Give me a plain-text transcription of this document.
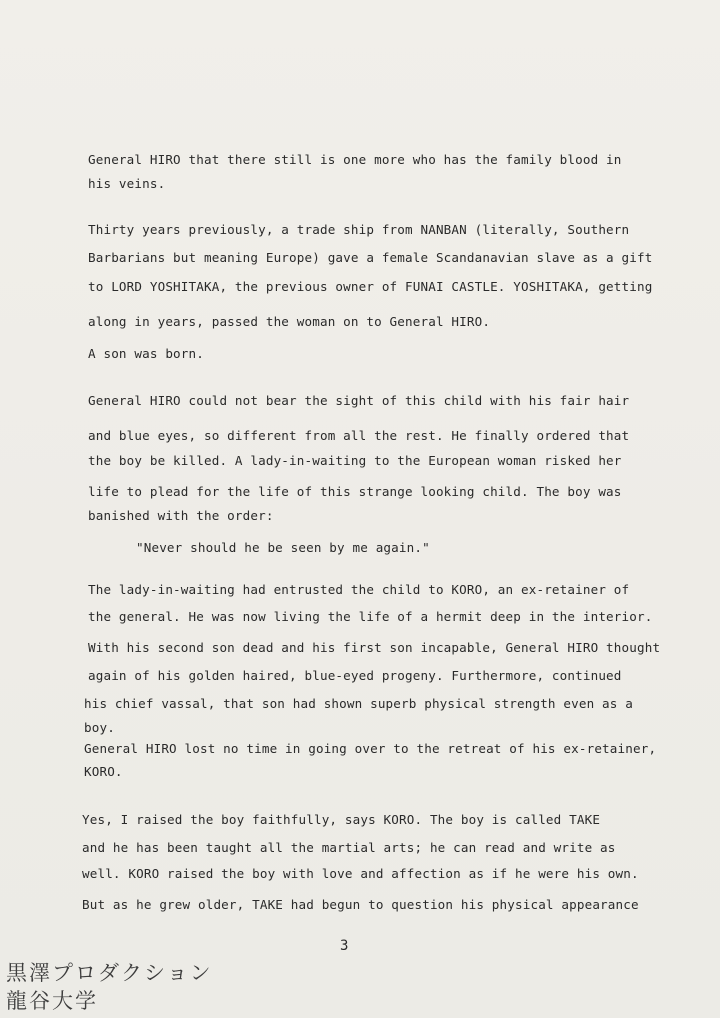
General HIRO that there still is one more who has the family blood in
his veins.
Thirty years previously, a trade ship from NANBAN (literally, Southern
Barbarians but meaning Europe) gave a female Scandanavian slave as a gift
to LORD YOSHITAKA, the previous owner of FUNAI CASTLE. YOSHITAKA, getting
along in years, passed the woman on to General HIRO.
A son was born.
General HIRO could not bear the sight of this child with his fair hair
and blue eyes, so different from all the rest. He finally ordered that
the boy be killed. A lady-in-waiting to the European woman risked her
life to plead for the life of this strange looking child. The boy was
banished with the order:
"Never should he be seen by me again."
The lady-in-waiting had entrusted the child to KORO, an ex-retainer of
the general. He was now living the life of a hermit deep in the interior.
With his second son dead and his first son incapable, General HIRO thought
again of his golden haired, blue-eyed progeny. Furthermore, continued
his chief vassal, that son had shown superb physical strength even as a
boy.
General HIRO lost no time in going over to the retreat of his ex-retainer,
KORO.
Yes, I raised the boy faithfully, says KORO. The boy is called TAKE
and he has been taught all the martial arts; he can read and write as
well. KORO raised the boy with love and affection as if he were his own.
But as he grew older, TAKE had begun to question his physical appearance
3
黒澤プロダクション
龍谷大学
